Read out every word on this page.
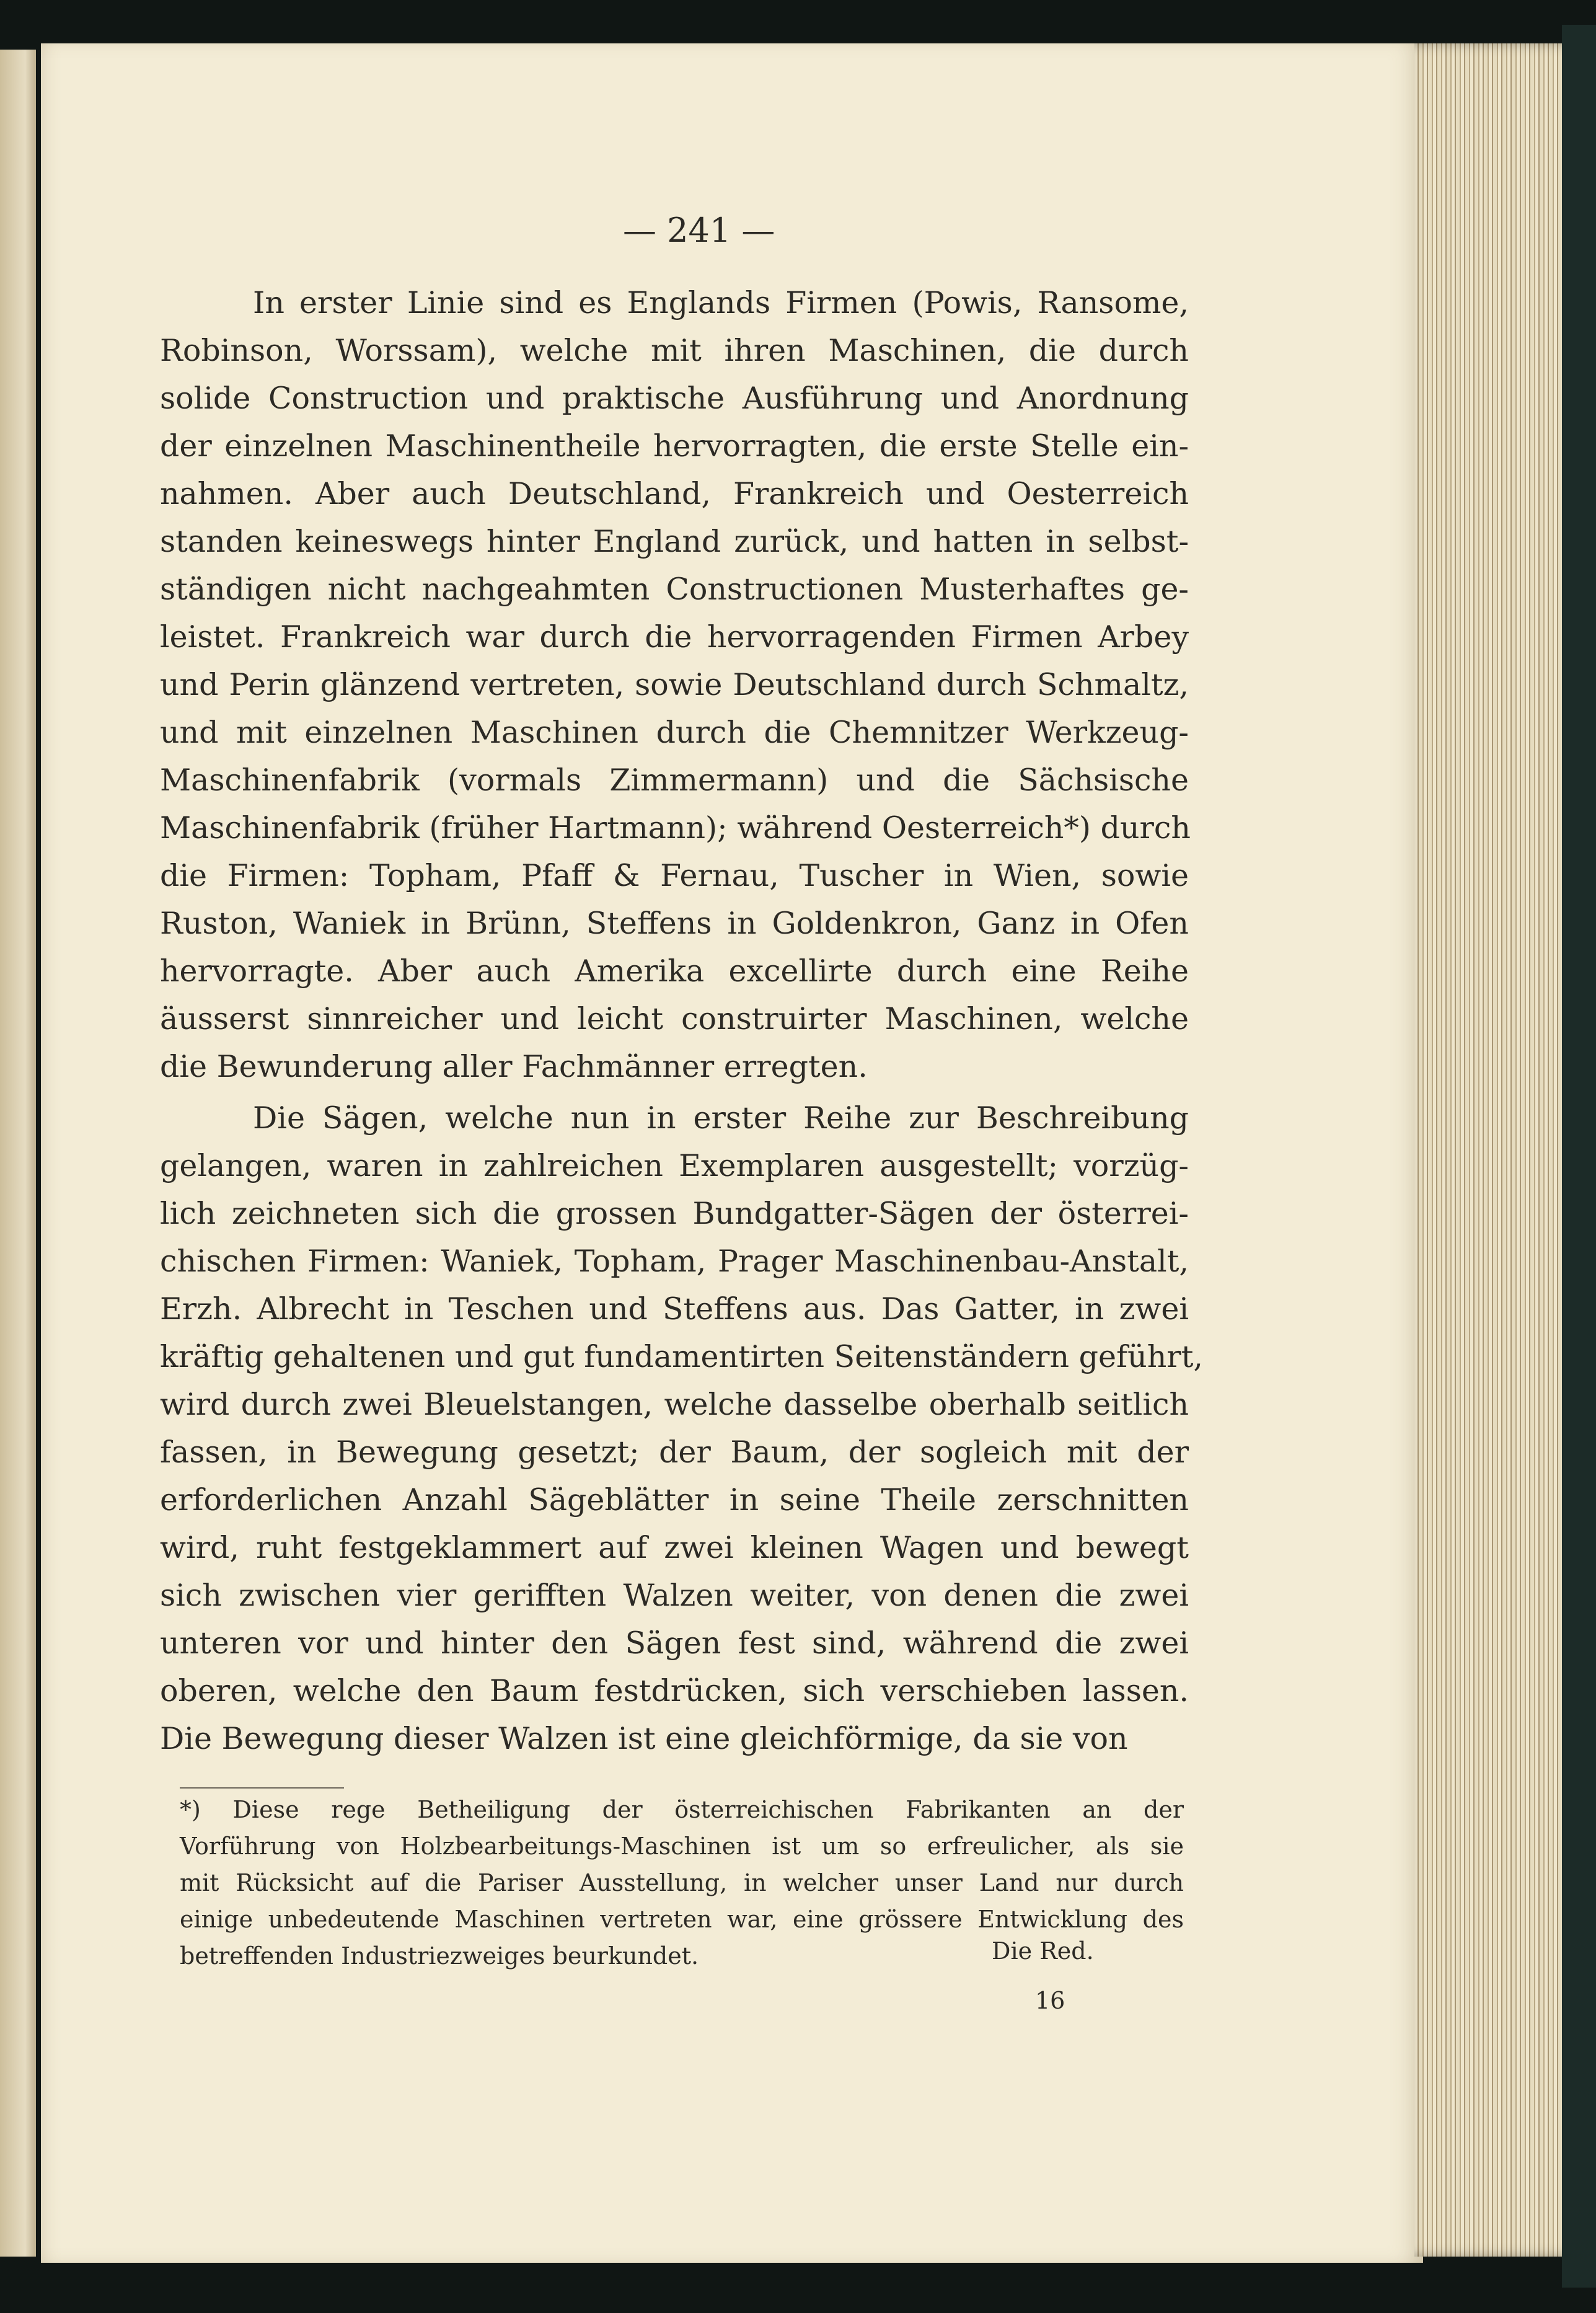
— 241 —
In erster Linie sind es Englands Firmen (Powis, Ransome,
Robinson, Worssam), welche mit ihren Maschinen, die durch
solide Construction und praktische Ausführung und Anordnung
der einzelnen Maschinentheile hervorragten, die erste Stelle ein-
nahmen. Aber auch Deutschland, Frankreich und Oesterreich
standen keineswegs hinter England zurück, und hatten in selbst-
ständigen nicht nachgeahmten Constructionen Musterhaftes ge-
leistet. Frankreich war durch die hervorragenden Firmen Arbey
und Perin glänzend vertreten, sowie Deutschland durch Schmaltz,
und mit einzelnen Maschinen durch die Chemnitzer Werkzeug-
Maschinenfabrik (vormals Zimmermann) und die Sächsische
Maschinenfabrik (früher Hartmann); während Oesterreich*) durch
die Firmen: Topham, Pfaff & Fernau, Tuscher in Wien, sowie
Ruston, Waniek in Brünn, Steffens in Goldenkron, Ganz in Ofen
hervorragte. Aber auch Amerika excellirte durch eine Reihe
äusserst sinnreicher und leicht construirter Maschinen, welche
die Bewunderung aller Fachmänner erregten.
Die Sägen, welche nun in erster Reihe zur Beschreibung
gelangen, waren in zahlreichen Exemplaren ausgestellt; vorzüg-
lich zeichneten sich die grossen Bundgatter-Sägen der österrei-
chischen Firmen: Waniek, Topham, Prager Maschinenbau-Anstalt,
Erzh. Albrecht in Teschen und Steffens aus. Das Gatter, in zwei
kräftig gehaltenen und gut fundamentirten Seitenständern geführt,
wird durch zwei Bleuelstangen, welche dasselbe oberhalb seitlich
fassen, in Bewegung gesetzt; der Baum, der sogleich mit der
erforderlichen Anzahl Sägeblätter in seine Theile zerschnitten
wird, ruht festgeklammert auf zwei kleinen Wagen und bewegt
sich zwischen vier gerifften Walzen weiter, von denen die zwei
unteren vor und hinter den Sägen fest sind, während die zwei
oberen, welche den Baum festdrücken, sich verschieben lassen.
Die Bewegung dieser Walzen ist eine gleichförmige, da sie von
*) Diese rege Betheiligung der österreichischen Fabrikanten an der
Vorführung von Holzbearbeitungs-Maschinen ist um so erfreulicher, als sie
mit Rücksicht auf die Pariser Ausstellung, in welcher unser Land nur durch
einige unbedeutende Maschinen vertreten war, eine grössere Entwicklung des
betreffenden Industriezweiges beurkundet.	Die Red.
16
